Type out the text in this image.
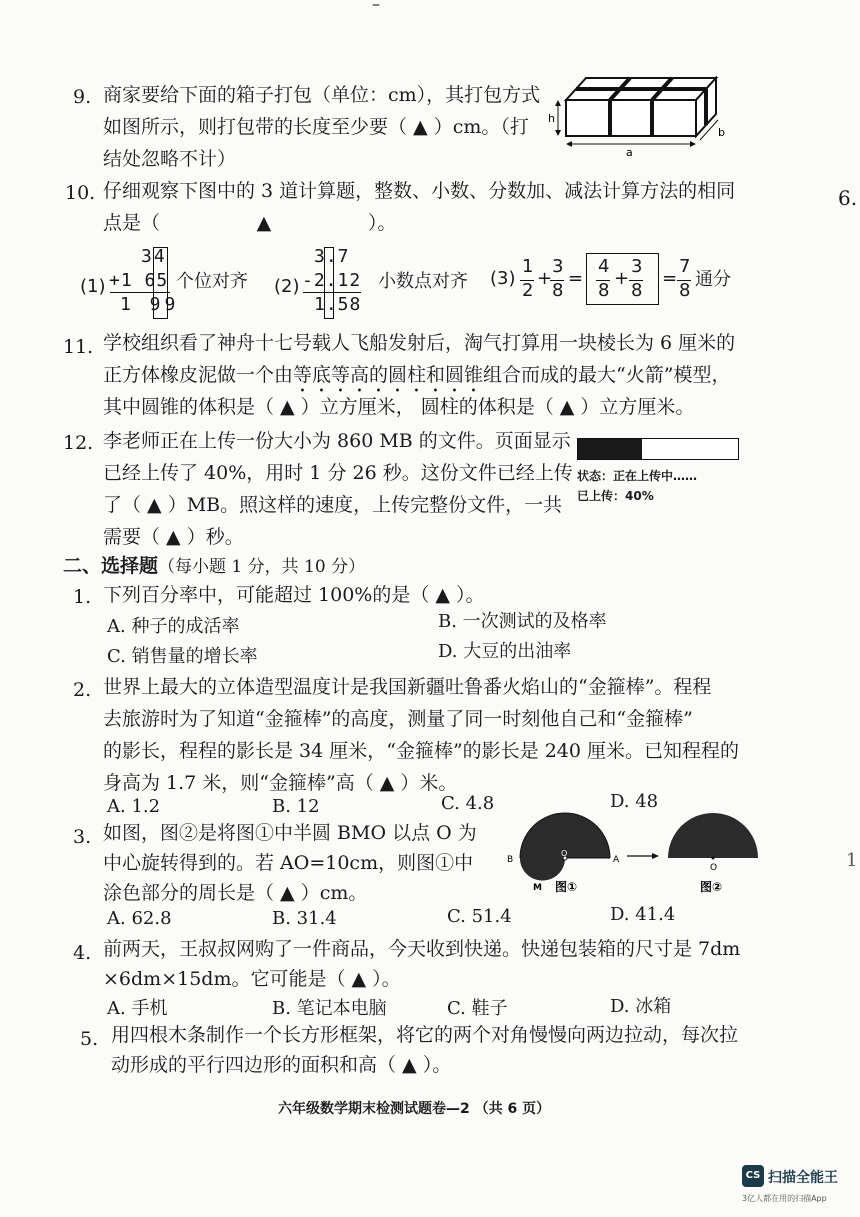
–
6.
1
9. 商家要给下面的箱子打包（单位：cm），其打包方式
如图所示，则打包带的长度至少要（ ▲ ）cm。（打
结处忽略不计）
h
a
b
10. 仔细观察下图中的 3 道计算题，整数、小数、分数加、减法计算方法的相同
点是（                ▲                ）。
(1)
34
+1 65
1 99
个位对齐 (2)
3.7
-2.12
1.58
小数点对齐 (3)
1
2
+
3
8
=
4
8
+
3
8
=
7
8
通分
11. 学校组织看了神舟十七号载人飞船发射后，淘气打算用一块棱长为 6 厘米的
正方体橡皮泥做一个由等底等高的圆柱和圆锥组合而成的最大“火箭”模型，
其中圆锥的体积是（ ▲ ）立方厘米， 圆柱的体积是（ ▲ ）立方厘米。
12. 李老师正在上传一份大小为 860 MB 的文件。页面显示
已经上传了 40%，用时 1 分 26 秒。这份文件已经上传
了（ ▲ ）MB。照这样的速度，上传完整份文件，一共
需要（ ▲ ）秒。
状态：正在上传中……
已上传：40%
二、选择题（每小题 1 分，共 10 分）
1. 下列百分率中，可能超过 100%的是（ ▲ ）。
A. 种子的成活率	B. 一次测试的及格率
C. 销售量的增长率	D. 大豆的出油率
2. 世界上最大的立体造型温度计是我国新疆吐鲁番火焰山的“金箍棒”。程程
去旅游时为了知道“金箍棒”的高度，测量了同一时刻他自己和“金箍棒”
的影长，程程的影长是 34 厘米，“金箍棒”的影长是 240 厘米。已知程程的
身高为 1.7 米，则“金箍棒”高（ ▲ ）米。
A. 1.2	B. 12	C. 4.8	D. 48
3. 如图，图②是将图①中半圆 BMO 以点 O 为
中心旋转得到的。若 AO=10cm，则图①中
涂色部分的周长是（ ▲ ）cm。
A. 62.8	B. 31.4	C. 51.4	D. 41.4
B
O
A
M 图①
O
图②
4. 前两天，王叔叔网购了一件商品，今天收到快递。快递包装箱的尺寸是 7dm
×6dm×15dm。它可能是（ ▲ ）。
A. 手机	B. 笔记本电脑	C. 鞋子	D. 冰箱
5. 用四根木条制作一个长方形框架，将它的两个对角慢慢向两边拉动，每次拉
动形成的平行四边形的面积和高（ ▲ ）。
六年级数学期末检测试题卷—2 （共 6 页）
CS 扫描全能王
3亿人都在用的扫描App
